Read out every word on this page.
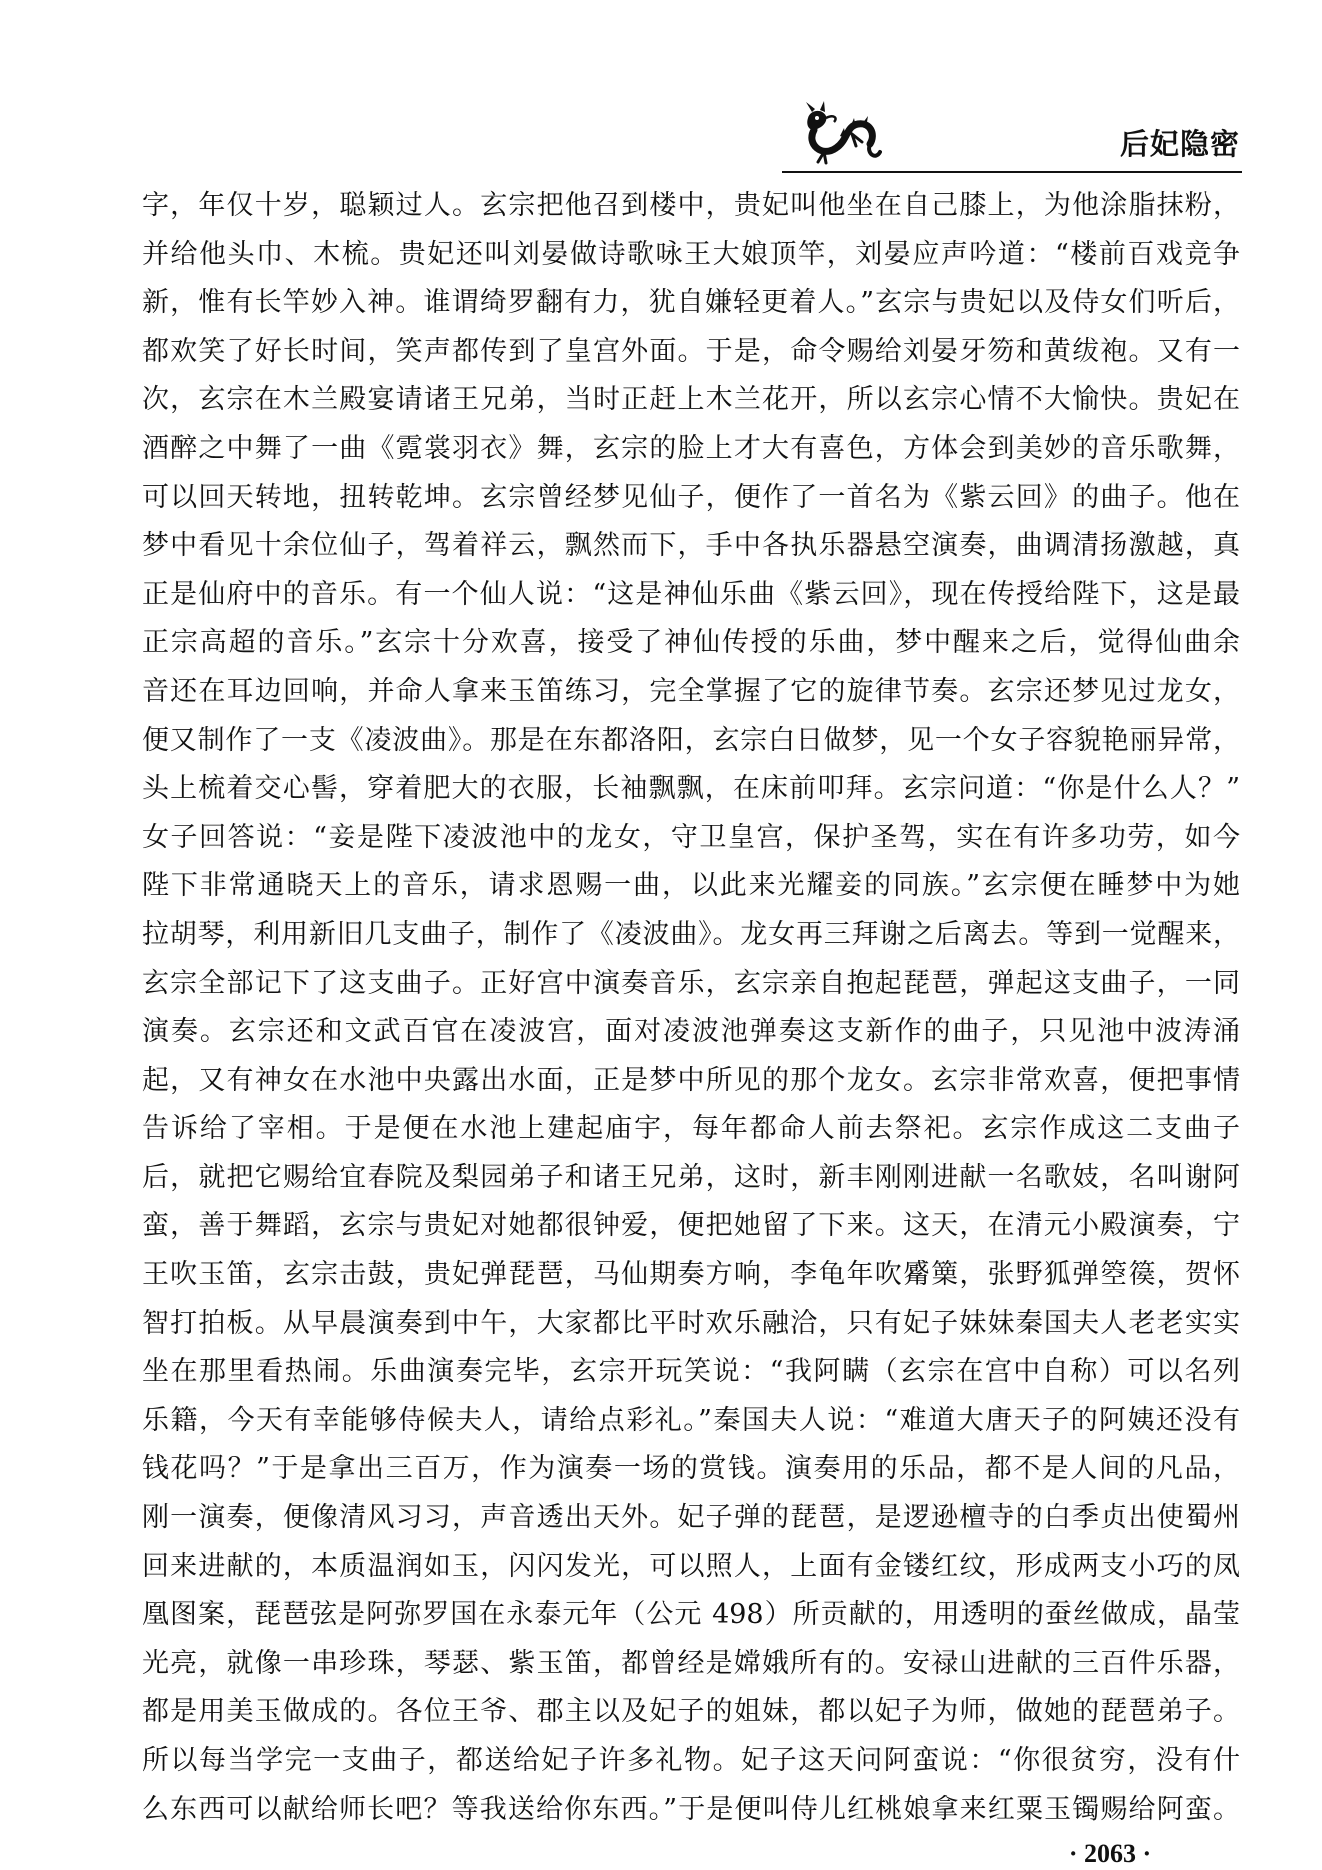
后妃隐密
字，年仅十岁，聪颖过人。玄宗把他召到楼中，贵妃叫他坐在自己膝上，为他涂脂抹粉，
并给他头巾、木梳。贵妃还叫刘晏做诗歌咏王大娘顶竿，刘晏应声吟道：“楼前百戏竞争
新，惟有长竿妙入神。谁谓绮罗翻有力，犹自嫌轻更着人。”玄宗与贵妃以及侍女们听后，
都欢笑了好长时间，笑声都传到了皇宫外面。于是，命令赐给刘晏牙笏和黄绂袍。又有一
次，玄宗在木兰殿宴请诸王兄弟，当时正赶上木兰花开，所以玄宗心情不大愉快。贵妃在
酒醉之中舞了一曲《霓裳羽衣》舞，玄宗的脸上才大有喜色，方体会到美妙的音乐歌舞，
可以回天转地，扭转乾坤。玄宗曾经梦见仙子，便作了一首名为《紫云回》的曲子。他在
梦中看见十余位仙子，驾着祥云，飘然而下，手中各执乐器悬空演奏，曲调清扬激越，真
正是仙府中的音乐。有一个仙人说：“这是神仙乐曲《紫云回》，现在传授给陛下，这是最
正宗高超的音乐。”玄宗十分欢喜，接受了神仙传授的乐曲，梦中醒来之后，觉得仙曲余
音还在耳边回响，并命人拿来玉笛练习，完全掌握了它的旋律节奏。玄宗还梦见过龙女，
便又制作了一支《凌波曲》。那是在东都洛阳，玄宗白日做梦，见一个女子容貌艳丽异常，
头上梳着交心髻，穿着肥大的衣服，长袖飘飘，在床前叩拜。玄宗问道：“你是什么人？”
女子回答说：“妾是陛下凌波池中的龙女，守卫皇宫，保护圣驾，实在有许多功劳，如今
陛下非常通晓天上的音乐，请求恩赐一曲，以此来光耀妾的同族。”玄宗便在睡梦中为她
拉胡琴，利用新旧几支曲子，制作了《凌波曲》。龙女再三拜谢之后离去。等到一觉醒来，
玄宗全部记下了这支曲子。正好宫中演奏音乐，玄宗亲自抱起琵琶，弹起这支曲子，一同
演奏。玄宗还和文武百官在凌波宫，面对凌波池弹奏这支新作的曲子，只见池中波涛涌
起，又有神女在水池中央露出水面，正是梦中所见的那个龙女。玄宗非常欢喜，便把事情
告诉给了宰相。于是便在水池上建起庙宇，每年都命人前去祭祀。玄宗作成这二支曲子
后，就把它赐给宜春院及梨园弟子和诸王兄弟，这时，新丰刚刚进献一名歌妓，名叫谢阿
蛮，善于舞蹈，玄宗与贵妃对她都很钟爱，便把她留了下来。这天，在清元小殿演奏，宁
王吹玉笛，玄宗击鼓，贵妃弹琵琶，马仙期奏方响，李龟年吹觱篥，张野狐弹箜篌，贺怀
智打拍板。从早晨演奏到中午，大家都比平时欢乐融洽，只有妃子妹妹秦国夫人老老实实
坐在那里看热闹。乐曲演奏完毕，玄宗开玩笑说：“我阿瞒（玄宗在宫中自称）可以名列
乐籍，今天有幸能够侍候夫人，请给点彩礼。”秦国夫人说：“难道大唐天子的阿姨还没有
钱花吗？”于是拿出三百万，作为演奏一场的赏钱。演奏用的乐品，都不是人间的凡品，
刚一演奏，便像清风习习，声音透出天外。妃子弹的琵琶，是逻逊檀寺的白季贞出使蜀州
回来进献的，本质温润如玉，闪闪发光，可以照人，上面有金镂红纹，形成两支小巧的凤
凰图案，琵琶弦是阿弥罗国在永泰元年（公元 498）所贡献的，用透明的蚕丝做成，晶莹
光亮，就像一串珍珠，琴瑟、紫玉笛，都曾经是嫦娥所有的。安禄山进献的三百件乐器，
都是用美玉做成的。各位王爷、郡主以及妃子的姐妹，都以妃子为师，做她的琵琶弟子。
所以每当学完一支曲子，都送给妃子许多礼物。妃子这天问阿蛮说：“你很贫穷，没有什
么东西可以献给师长吧？等我送给你东西。”于是便叫侍儿红桃娘拿来红粟玉镯赐给阿蛮。
· 2063 ·
